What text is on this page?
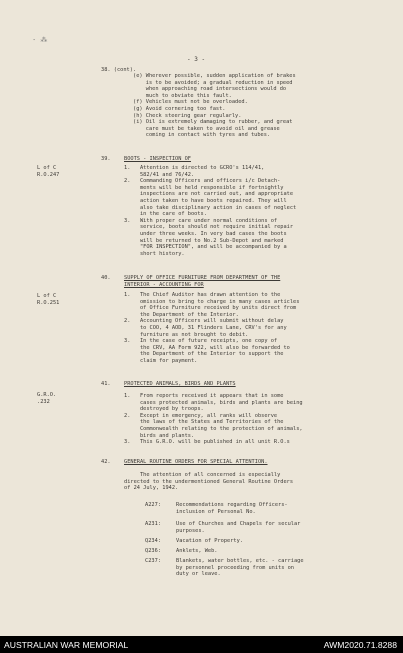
⋅ ⁂
- 3 -
38. (cont).
(e) Wherever possible, sudden application of brakes
is to be avoided; a gradual reduction in speed
when approaching road intersections would do
much to obviate this fault.
(f) Vehicles must not be overloaded.
(g) Avoid cornering too fast.
(h) Check steering gear regularly.
(i) Oil is extremely damaging to rubber, and great
care must be taken to avoid oil and grease
coming in contact with tyres and tubes.
39.	BOOTS - INSPECTION OF
L of C
R.O.247
1.   Attention is directed to GCRO's 114/41,
582/41 and 76/42.
2.   Commanding Officers and officers i/c Detach-
ments will be held responsible if fortnightly
inspections are not carried out, and appropriate
action taken to have boots repaired. They will
also take disciplinary action in cases of neglect
in the care of boots.
3.   With proper care under normal conditions of
service, boots should not require initial repair
under three weeks. In very bad cases the boots
will be returned to No.2 Sub-Depot and marked
"FOR INSPECTION", and will be accompanied by a
short history.
40.	SUPPLY OF OFFICE FURNITURE FROM DEPARTMENT OF THE
INTERIOR - ACCOUNTING FOR
L of C
R.O.251
1.   The Chief Auditor has drawn attention to the
omission to bring to charge in many cases articles
of Office Furniture received by units direct from
the Department of the Interior.
2.   Accounting Officers will submit without delay
to COO, 4 AOD, 31 Flinders Lane, CRV's for any
furniture as not brought to debit.
3.   In the case of future receipts, one copy of
the CRV, AA Form 922, will also be forwarded to
the Department of the Interior to support the
claim for payment.
41.	PROTECTED ANIMALS, BIRDS AND PLANTS
G.R.O.
.232
1.   From reports received it appears that in some
cases protected animals, birds and plants are being
destroyed by troops.
2.   Except in emergency, all ranks will observe
the laws of the States and Territories of the
Commonwealth relating to the protection of animals,
birds and plants.
3.   This G.R.O. will be published in all unit R.O.s
42.	GENERAL ROUTINE ORDERS FOR SPECIAL ATTENTION.
The attention of all concerned is especially
directed to the undermentioned General Routine Orders
of 24 July, 1942.
A227:	Recommendations regarding Officers-
inclusion of Personal No.
A231:	Use of Churches and Chapels for secular
purposes.
Q234:	Vacation of Property.
Q236:	Anklets, Web.
C237:	Blankets, water bottles, etc. - carriage
by personnel proceeding from units on
duty or leave.
AUSTRALIAN WAR MEMORIAL	AWM2020.71.8288
